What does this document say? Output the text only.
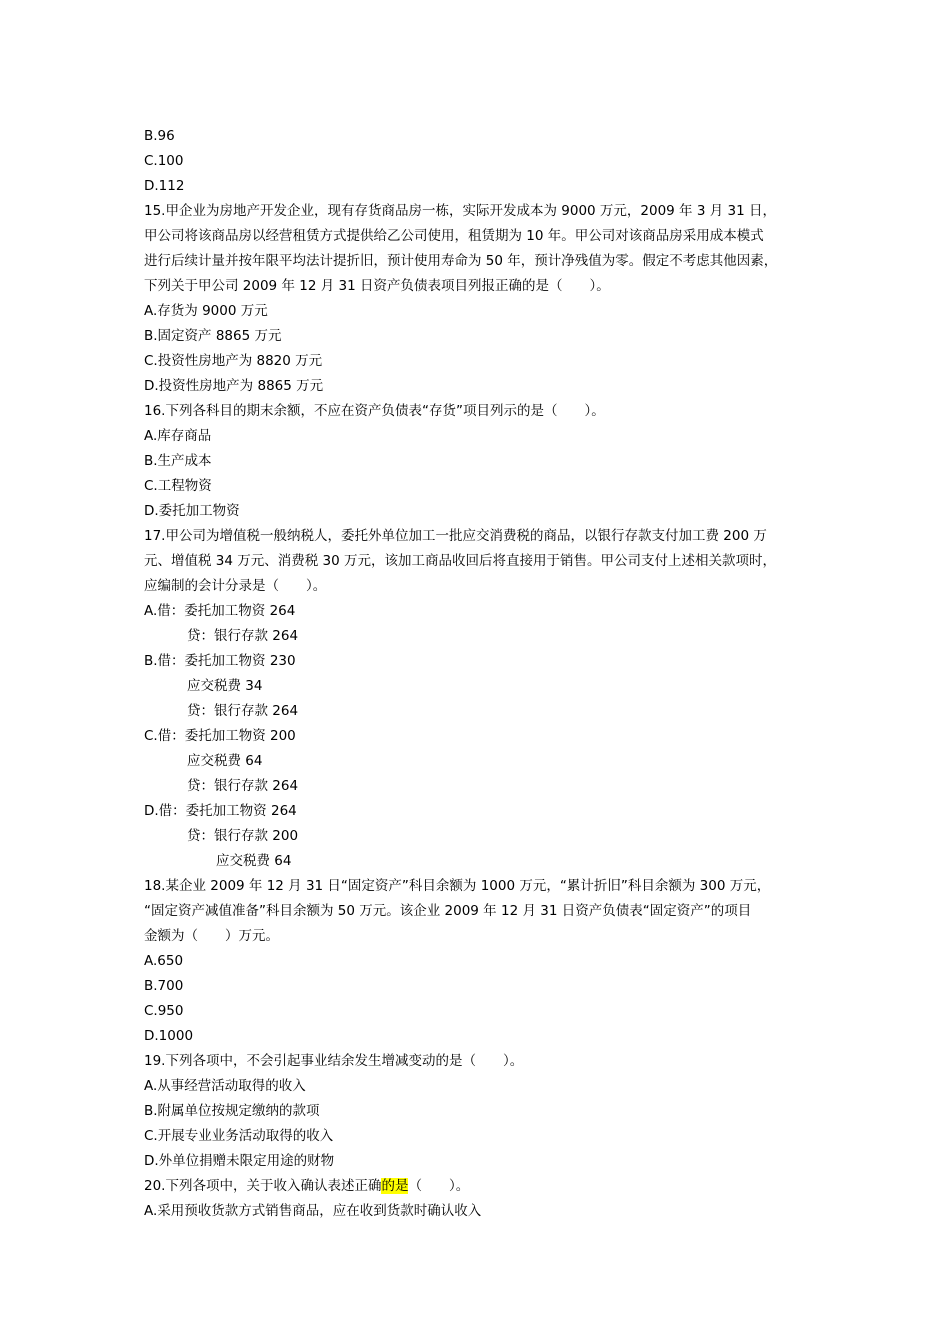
B.96
C.100
D.112
15.甲企业为房地产开发企业，现有存货商品房一栋，实际开发成本为 9000 万元，2009 年 3 月 31 日，
甲公司将该商品房以经营租赁方式提供给乙公司使用，租赁期为 10 年。甲公司对该商品房采用成本模式
进行后续计量并按年限平均法计提折旧，预计使用寿命为 50 年，预计净残值为零。假定不考虑其他因素，
下列关于甲公司 2009 年 12 月 31 日资产负债表项目列报正确的是（　　）。
A.存货为 9000 万元
B.固定资产 8865 万元
C.投资性房地产为 8820 万元
D.投资性房地产为 8865 万元
16.下列各科目的期末余额，不应在资产负债表“存货”项目列示的是（　　）。
A.库存商品
B.生产成本
C.工程物资
D.委托加工物资
17.甲公司为增值税一般纳税人，委托外单位加工一批应交消费税的商品，以银行存款支付加工费 200 万
元、增值税 34 万元、消费税 30 万元，该加工商品收回后将直接用于销售。甲公司支付上述相关款项时，
应编制的会计分录是（　　）。
A.借：委托加工物资 264
贷：银行存款 264
B.借：委托加工物资 230
应交税费 34
贷：银行存款 264
C.借：委托加工物资 200
应交税费 64
贷：银行存款 264
D.借：委托加工物资 264
贷：银行存款 200
应交税费 64
18.某企业 2009 年 12 月 31 日“固定资产”科目余额为 1000 万元，“累计折旧”科目余额为 300 万元，
“固定资产减值准备”科目余额为 50 万元。该企业 2009 年 12 月 31 日资产负债表“固定资产”的项目
金额为（　　）万元。
A.650
B.700
C.950
D.1000
19.下列各项中，不会引起事业结余发生增减变动的是（　　）。
A.从事经营活动取得的收入
B.附属单位按规定缴纳的款项
C.开展专业业务活动取得的收入
D.外单位捐赠未限定用途的财物
20.下列各项中，关于收入确认表述正确的是（　　）。
A.采用预收货款方式销售商品，应在收到货款时确认收入
